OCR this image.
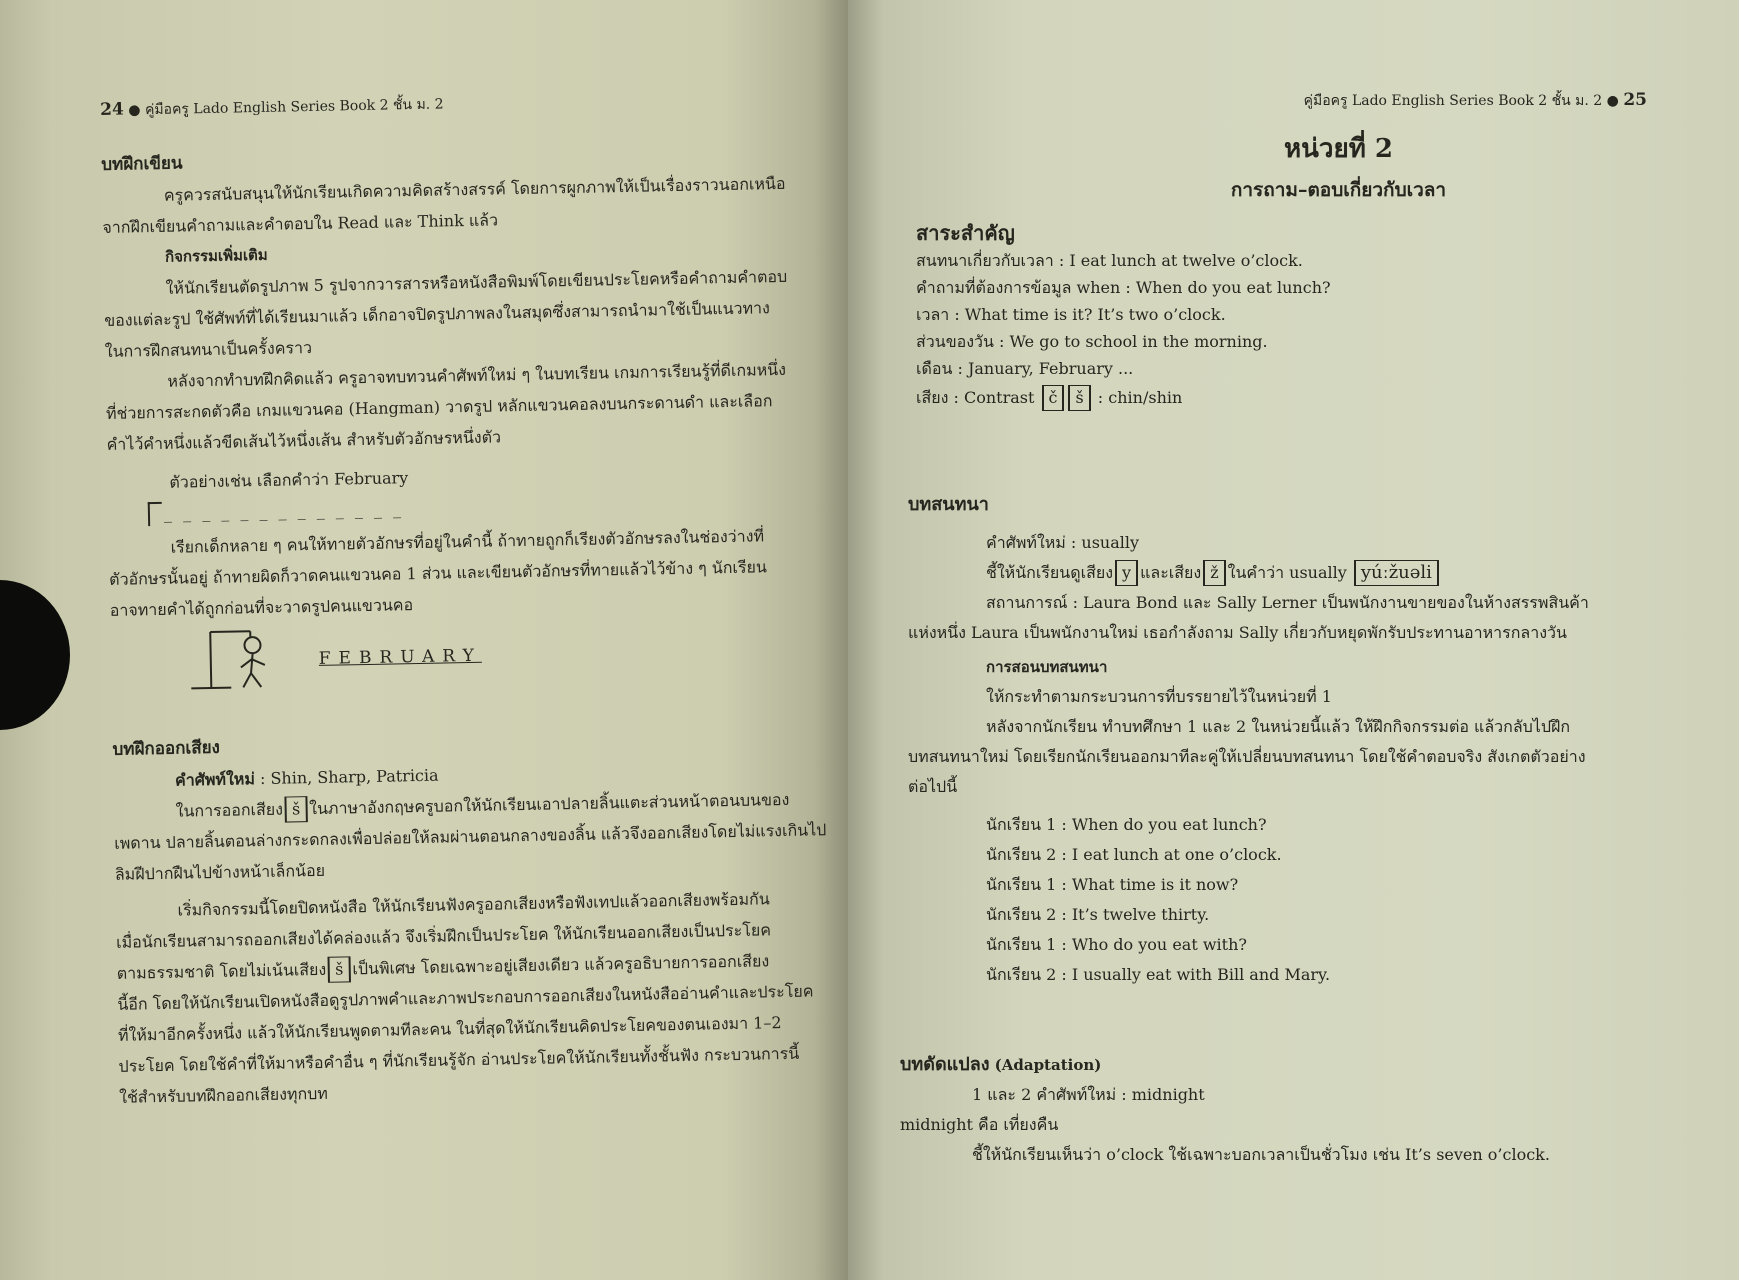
24 ● คู่มือครู Lado English Series Book 2 ชั้น ม. 2
บทฝึกเขียน
ครูควรสนับสนุนให้นักเรียนเกิดความคิดสร้างสรรค์ โดยการผูกภาพให้เป็นเรื่องราวนอกเหนือ
จากฝึกเขียนคำถามและคำตอบใน Read และ Think แล้ว
กิจกรรมเพิ่มเติม
ให้นักเรียนตัดรูปภาพ 5 รูปจากวารสารหรือหนังสือพิมพ์โดยเขียนประโยคหรือคำถามคำตอบ
ของแต่ละรูป ใช้ศัพท์ที่ได้เรียนมาแล้ว เด็กอาจปิดรูปภาพลงในสมุดซึ่งสามารถนำมาใช้เป็นแนวทาง
ในการฝึกสนทนาเป็นครั้งคราว
หลังจากทำบทฝึกคิดแล้ว ครูอาจทบทวนคำศัพท์ใหม่ ๆ ในบทเรียน เกมการเรียนรู้ที่ดีเกมหนึ่ง
ที่ช่วยการสะกดตัวคือ เกมแขวนคอ (Hangman) วาดรูป หลักแขวนคอลงบนกระดานดำ และเลือก
คำไว้คำหนึ่งแล้วขีดเส้นไว้หนึ่งเส้น สำหรับตัวอักษรหนึ่งตัว
ตัวอย่างเช่น เลือกคำว่า February
_ _ _ _ _ _ _ _ _ _ _ _ _
เรียกเด็กหลาย ๆ คนให้ทายตัวอักษรที่อยู่ในคำนี้ ถ้าทายถูกก็เรียงตัวอักษรลงในช่องว่างที่
ตัวอักษรนั้นอยู่ ถ้าทายผิดก็วาดคนแขวนคอ 1 ส่วน และเขียนตัวอักษรที่ทายแล้วไว้ข้าง ๆ นักเรียน
อาจทายคำได้ถูกก่อนที่จะวาดรูปคนแขวนคอ
FEBRUARY
บทฝึกออกเสียง
คำศัพท์ใหม่ : Shin, Sharp, Patricia
ในการออกเสียง š ในภาษาอังกฤษครูบอกให้นักเรียนเอาปลายลิ้นแตะส่วนหน้าตอนบนของ
เพดาน ปลายลิ้นตอนล่างกระดกลงเพื่อปล่อยให้ลมผ่านตอนกลางของลิ้น แล้วจึงออกเสียงโดยไม่แรงเกินไป
ลิมฝีปากฝืนไปข้างหน้าเล็กน้อย
เริ่มกิจกรรมนี้โดยปิดหนังสือ ให้นักเรียนฟังครูออกเสียงหรือฟังเทปแล้วออกเสียงพร้อมกัน
เมื่อนักเรียนสามารถออกเสียงได้คล่องแล้ว จึงเริ่มฝึกเป็นประโยค ให้นักเรียนออกเสียงเป็นประโยค
ตามธรรมชาติ โดยไม่เน้นเสียง š เป็นพิเศษ โดยเฉพาะอยู่เสียงเดียว แล้วครูอธิบายการออกเสียง
นี้อีก โดยให้นักเรียนเปิดหนังสือดูรูปภาพคำและภาพประกอบการออกเสียงในหนังสืออ่านคำและประโยค
ที่ให้มาอีกครั้งหนึ่ง แล้วให้นักเรียนพูดตามทีละคน ในที่สุดให้นักเรียนคิดประโยคของตนเองมา 1–2
ประโยค โดยใช้คำที่ให้มาหรือคำอื่น ๆ ที่นักเรียนรู้จัก อ่านประโยคให้นักเรียนทั้งชั้นฟัง กระบวนการนี้
ใช้สำหรับบทฝึกออกเสียงทุกบท
คู่มือครู Lado English Series Book 2 ชั้น ม. 2 ● 25
หน่วยที่ 2
การถาม–ตอบเกี่ยวกับเวลา
สาระสำคัญ
สนทนาเกี่ยวกับเวลา : I eat lunch at twelve o’clock.
คำถามที่ต้องการข้อมูล when : When do you eat lunch?
เวลา : What time is it? It’s two o’clock.
ส่วนของวัน : We go to school in the morning.
เดือน : January, February ...
เสียง : Contrast č š : chin/shin
บทสนทนา
คำศัพท์ใหม่ : usually
ชี้ให้นักเรียนดูเสียง y และเสียง ž ในคำว่า usually yúːžuəli
สถานการณ์ : Laura Bond และ Sally Lerner เป็นพนักงานขายของในห้างสรรพสินค้า
แห่งหนึ่ง Laura เป็นพนักงานใหม่ เธอกำลังถาม Sally เกี่ยวกับหยุดพักรับประทานอาหารกลางวัน
การสอนบทสนทนา
ให้กระทำตามกระบวนการที่บรรยายไว้ในหน่วยที่ 1
หลังจากนักเรียน ทำบทศึกษา 1 และ 2 ในหน่วยนี้แล้ว ให้ฝึกกิจกรรมต่อ แล้วกลับไปฝึก
บทสนทนาใหม่ โดยเรียกนักเรียนออกมาทีละคู่ให้เปลี่ยนบทสนทนา โดยใช้คำตอบจริง สังเกตตัวอย่าง
ต่อไปนี้
นักเรียน 1 : When do you eat lunch?
นักเรียน 2 : I eat lunch at one o’clock.
นักเรียน 1 : What time is it now?
นักเรียน 2 : It’s twelve thirty.
นักเรียน 1 : Who do you eat with?
นักเรียน 2 : I usually eat with Bill and Mary.
บทดัดแปลง (Adaptation)
1 และ 2 คำศัพท์ใหม่ : midnight
midnight คือ เที่ยงคืน
ชี้ให้นักเรียนเห็นว่า o’clock ใช้เฉพาะบอกเวลาเป็นชั่วโมง เช่น It’s seven o’clock.
